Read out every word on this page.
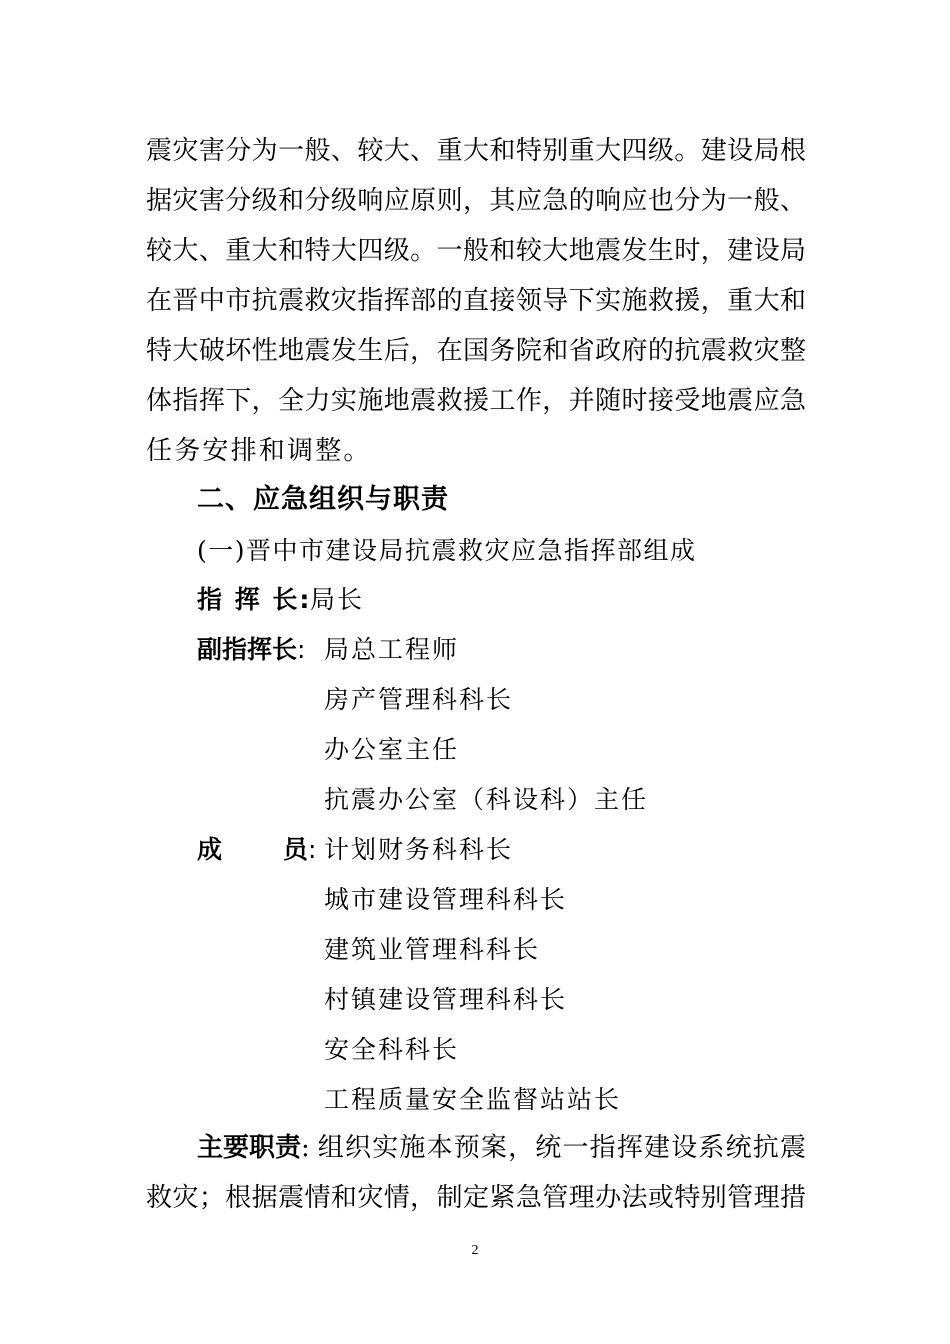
震灾害分为一般、较大、重大和特别重大四级。建设局根
据灾害分级和分级响应原则，其应急的响应也分为一般、
较大、重大和特大四级。一般和较大地震发生时，建设局
在晋中市抗震救灾指挥部的直接领导下实施救援，重大和
特大破坏性地震发生后，在国务院和省政府的抗震救灾整
体指挥下，全力实施地震救援工作，并随时接受地震应急
任务安排和调整。
二、应急组织与职责
(一)晋中市建设局抗震救灾应急指挥部组成
指 挥 长:
局长
副指挥长: 局总工程师
房产管理科科长
办公室主任
抗震办公室（科设科）主任
成       员: 计划财务科科长
城市建设管理科科长
建筑业管理科科长
村镇建设管理科科长
安全科科长
工程质量安全监督站站长
主要职责 : 组织实施本预案，统一指挥建设系统抗震
救灾；根据震情和灾情，制定紧急管理办法或特别管理措
2
